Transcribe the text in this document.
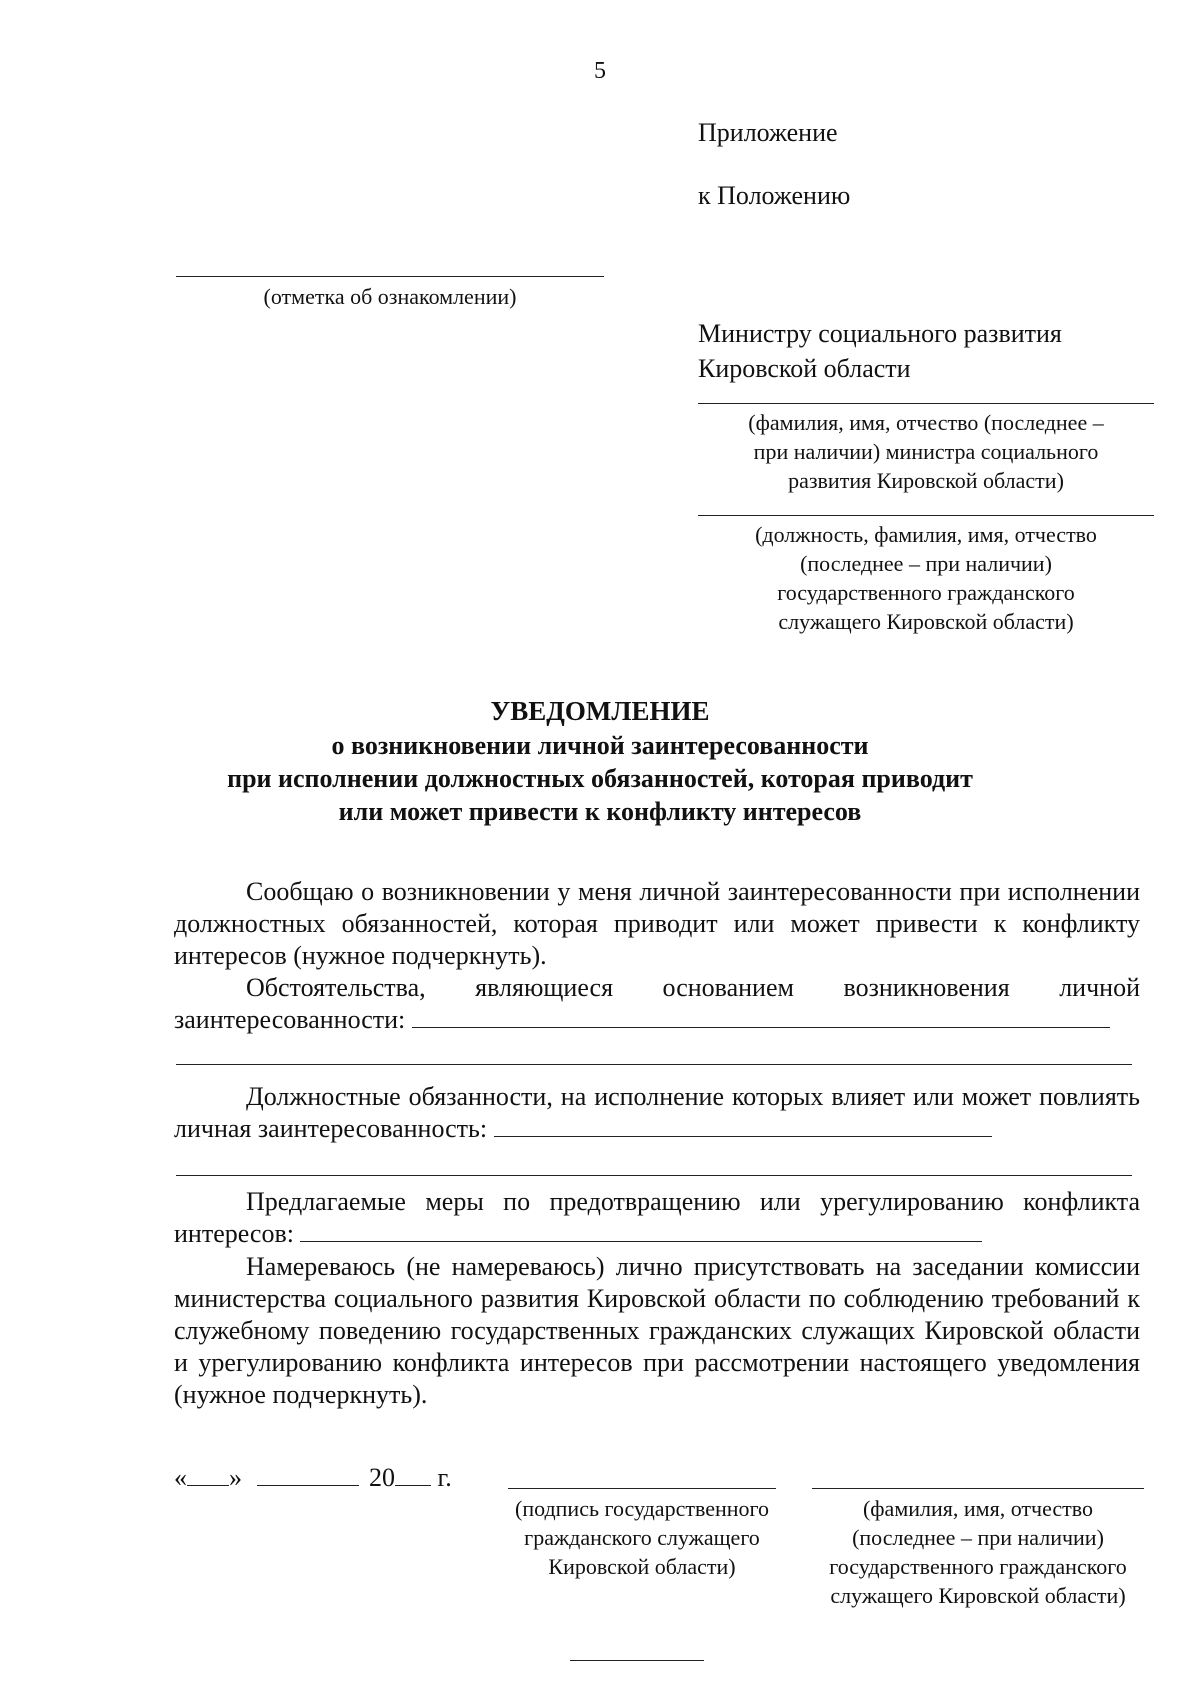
5
Приложение
к Положению
(отметка об ознакомлении)
Министру социального развития
Кировской области
(фамилия, имя, отчество (последнее –
при наличии) министра социального
развития Кировской области)
(должность, фамилия, имя, отчество
(последнее – при наличии)
государственного гражданского
служащего Кировской области)
УВЕДОМЛЕНИЕ
о возникновении личной заинтересованности
при исполнении должностных обязанностей, которая приводит
или может привести к конфликту интересов

Сообщаю о возникновении у меня личной заинтересованности при исполнении должностных обязанностей, которая приводит или может привести к конфликту интересов (нужное подчеркнуть).

Обстоятельства, являющиеся основанием возникновения личной заинтересованности:

Должностные обязанности, на исполнение которых влияет или может повлиять личная заинтересованность:

Предлагаемые меры по предотвращению или урегулированию конфликта интересов:

Намереваюсь (не намереваюсь) лично присутствовать на заседании комиссии министерства социального развития Кировской области по соблюдению требований к служебному поведению государственных гражданских служащих Кировской области и урегулированию конфликта интересов при рассмотрении настоящего уведомления (нужное подчеркнуть).

« »	20 г.
(подпись государственного
гражданского служащего
Кировской области)
(фамилия, имя, отчество
(последнее – при наличии)
государственного гражданского
служащего Кировской области)
